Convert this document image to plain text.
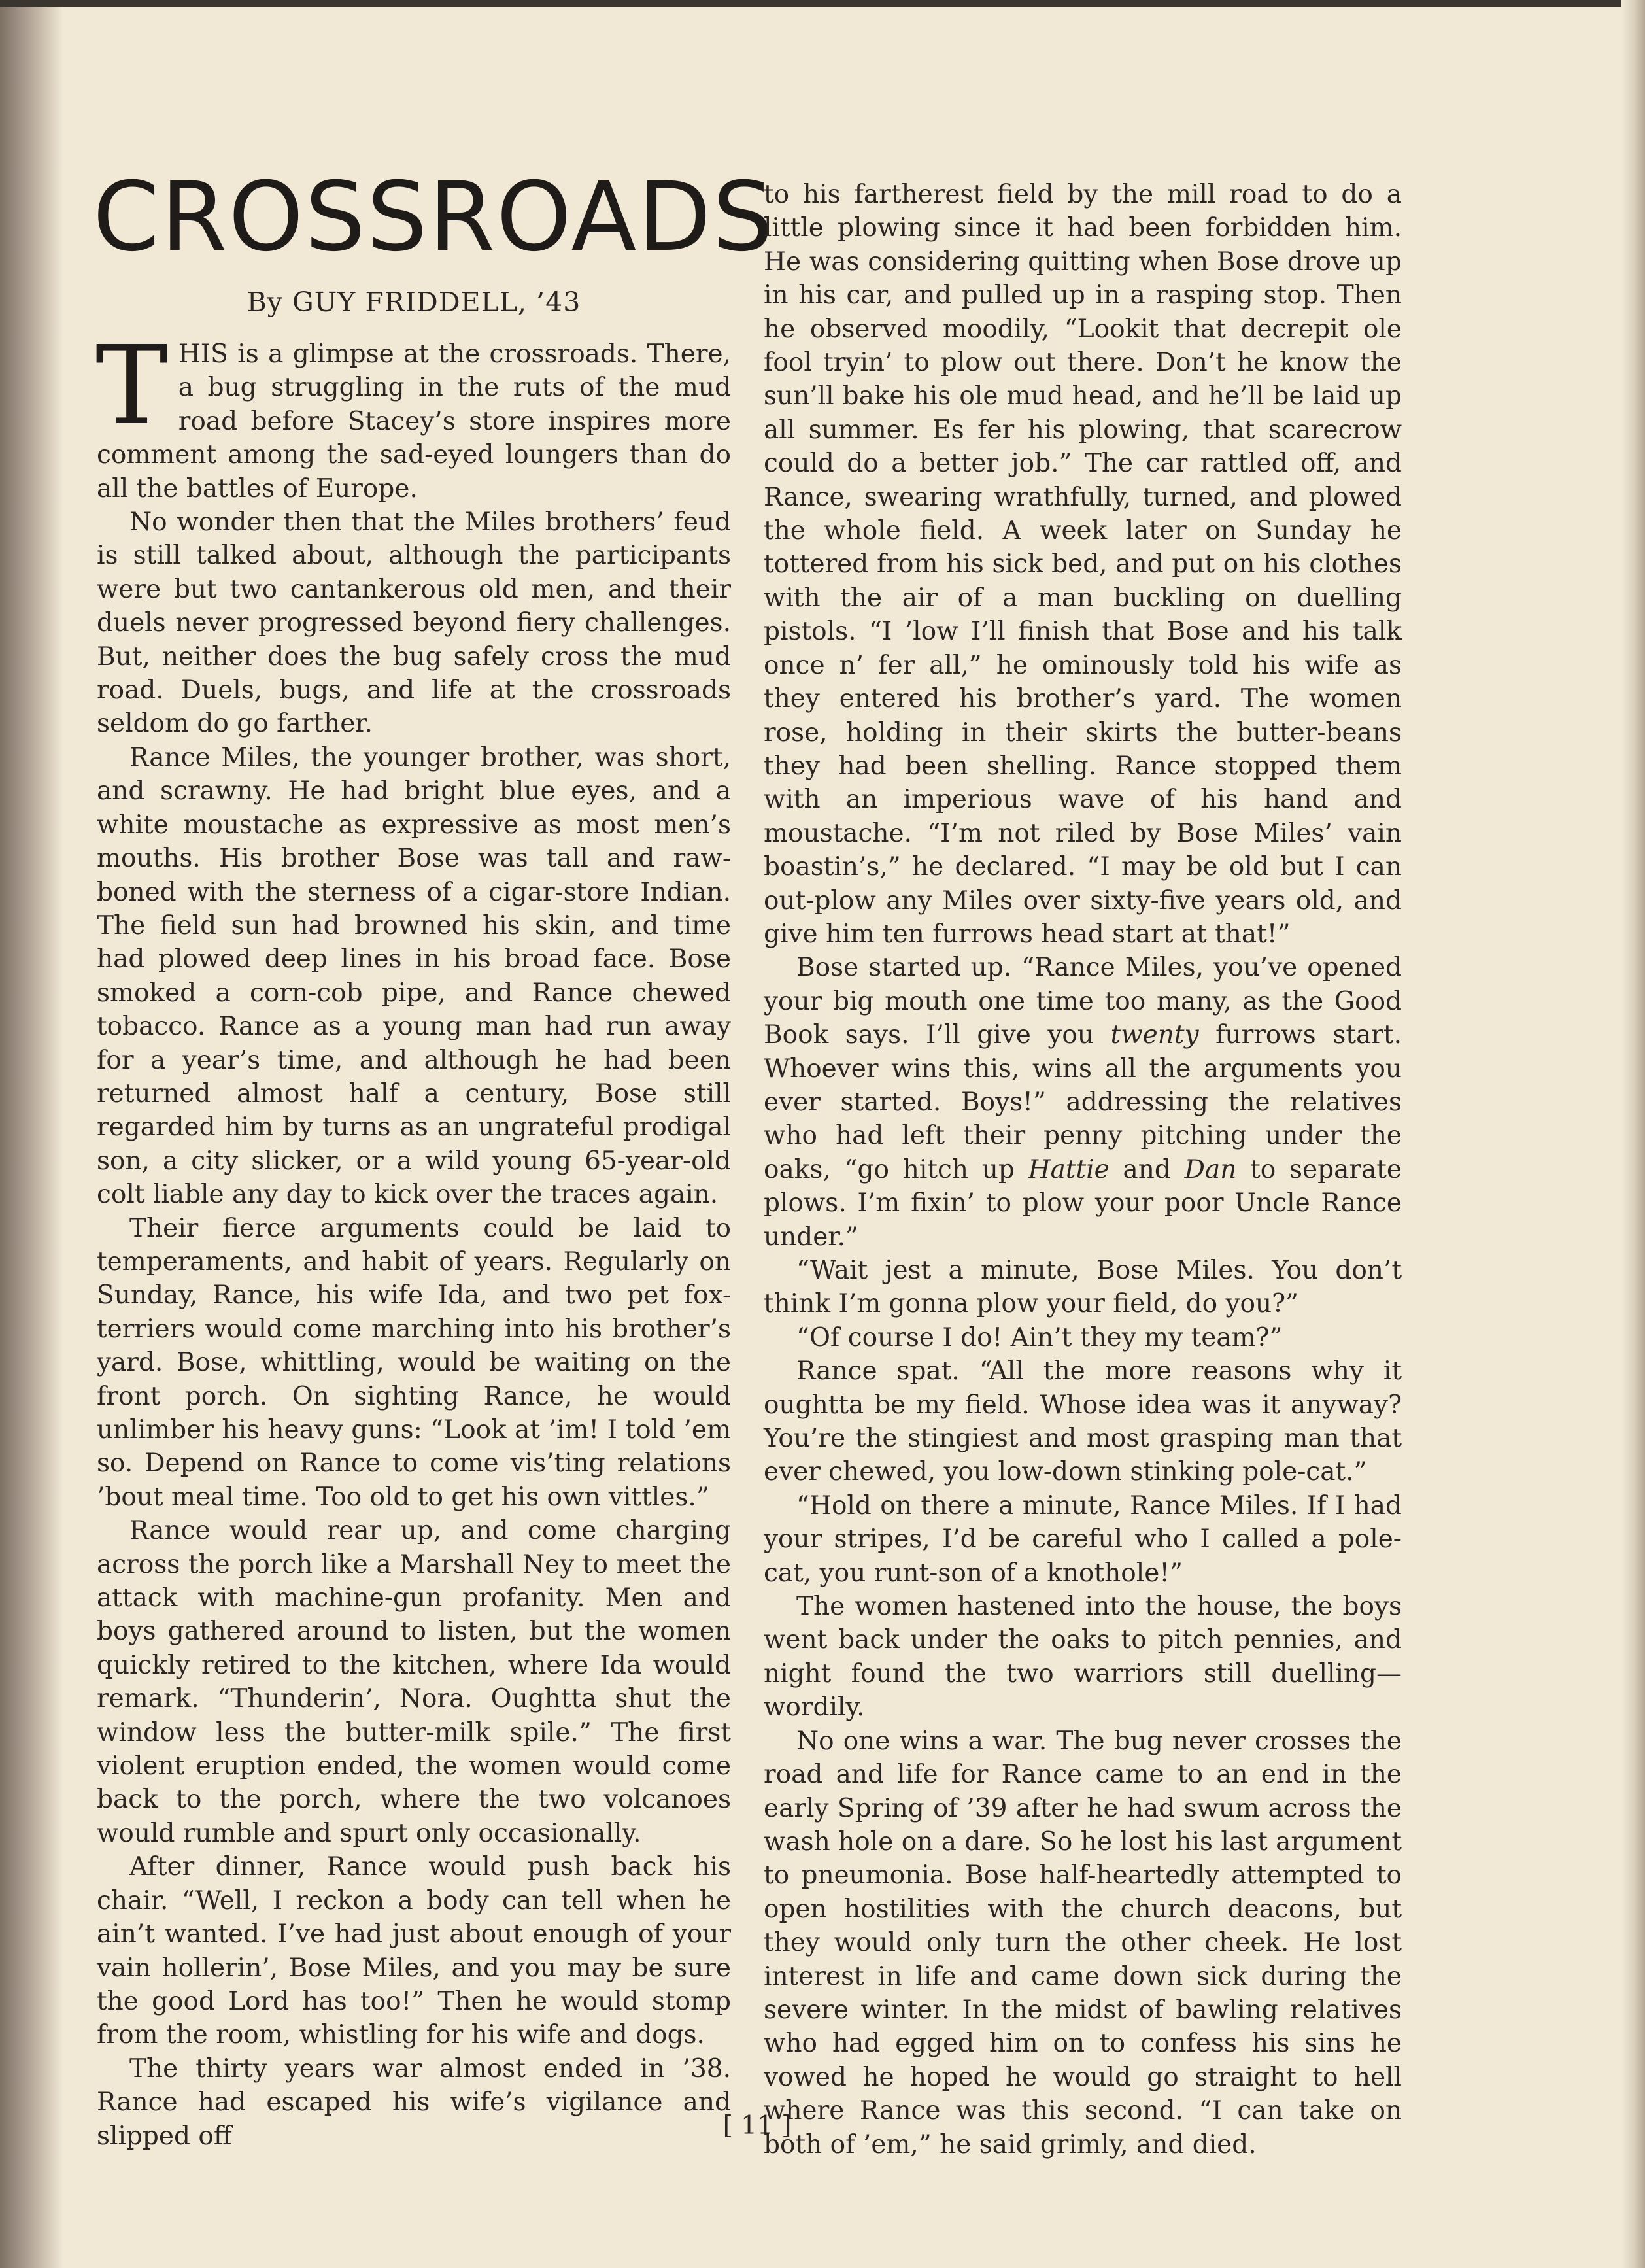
CROSSROADS
By GUY FRIDDELL, ’43

THIS is a glimpse at the crossroads. There, a bug struggling in the ruts of the mud road before Stacey’s store inspires more comment among the sad-eyed loungers than do all the battles of Europe.

No wonder then that the Miles brothers’ feud is still talked about, although the participants were but two cantankerous old men, and their duels never progressed beyond fiery challenges. But, neither does the bug safely cross the mud road. Duels, bugs, and life at the crossroads seldom do go farther.

Rance Miles, the younger brother, was short, and scrawny. He had bright blue eyes, and a white moustache as expressive as most men’s mouths. His brother Bose was tall and raw-boned with the sterness of a cigar-store Indian. The field sun had browned his skin, and time had plowed deep lines in his broad face. Bose smoked a corn-cob pipe, and Rance chewed tobacco. Rance as a young man had run away for a year’s time, and although he had been returned almost half a century, Bose still regarded him by turns as an ungrateful prodigal son, a city slicker, or a wild young 65-year-old colt liable any day to kick over the traces again.

Their fierce arguments could be laid to temperaments, and habit of years. Regularly on Sunday, Rance, his wife Ida, and two pet fox-terriers would come marching into his brother’s yard. Bose, whittling, would be waiting on the front porch. On sighting Rance, he would unlimber his heavy guns: “Look at ’im! I told ’em so. Depend on Rance to come vis’ting relations ’bout meal time. Too old to get his own vittles.”

Rance would rear up, and come charging across the porch like a Marshall Ney to meet the attack with machine-gun profanity. Men and boys gathered around to listen, but the women quickly retired to the kitchen, where Ida would remark. “Thunderin’, Nora. Oughtta shut the window less the butter-milk spile.” The first violent eruption ended, the women would come back to the porch, where the two volcanoes would rumble and spurt only occasionally.

After dinner, Rance would push back his chair. “Well, I reckon a body can tell when he ain’t wanted. I’ve had just about enough of your vain hollerin’, Bose Miles, and you may be sure the good Lord has too!” Then he would stomp from the room, whistling for his wife and dogs.

The thirty years war almost ended in ’38. Rance had escaped his wife’s vigilance and slipped off

to his fartherest field by the mill road to do a little plowing since it had been forbidden him. He was considering quitting when Bose drove up in his car, and pulled up in a rasping stop. Then he observed moodily, “Lookit that decrepit ole fool tryin’ to plow out there. Don’t he know the sun’ll bake his ole mud head, and he’ll be laid up all summer. Es fer his plowing, that scarecrow could do a better job.” The car rattled off, and Rance, swearing wrathfully, turned, and plowed the whole field. A week later on Sunday he tottered from his sick bed, and put on his clothes with the air of a man buckling on duelling pistols. “I ’low I’ll finish that Bose and his talk once n’ fer all,” he ominously told his wife as they entered his brother’s yard. The women rose, holding in their skirts the butter-beans they had been shelling. Rance stopped them with an imperious wave of his hand and moustache. “I’m not riled by Bose Miles’ vain boastin’s,” he declared. “I may be old but I can out-plow any Miles over sixty-five years old, and give him ten furrows head start at that!”

Bose started up. “Rance Miles, you’ve opened your big mouth one time too many, as the Good Book says. I’ll give you twenty furrows start. Whoever wins this, wins all the arguments you ever started. Boys!” addressing the relatives who had left their penny pitching under the oaks, “go hitch up Hattie and Dan to separate plows. I’m fixin’ to plow your poor Uncle Rance under.”

“Wait jest a minute, Bose Miles. You don’t think I’m gonna plow your field, do you?”

“Of course I do! Ain’t they my team?”

Rance spat. “All the more reasons why it oughtta be my field. Whose idea was it anyway? You’re the stingiest and most grasping man that ever chewed, you low-down stinking pole-cat.”

“Hold on there a minute, Rance Miles. If I had your stripes, I’d be careful who I called a pole-cat, you runt-son of a knothole!”

The women hastened into the house, the boys went back under the oaks to pitch pennies, and night found the two warriors still duelling—wordily.

No one wins a war. The bug never crosses the road and life for Rance came to an end in the early Spring of ’39 after he had swum across the wash hole on a dare. So he lost his last argument to pneumonia. Bose half-heartedly attempted to open hostilities with the church deacons, but they would only turn the other cheek. He lost interest in life and came down sick during the severe winter. In the midst of bawling relatives who had egged him on to confess his sins he vowed he hoped he would go straight to hell where Rance was this second. “I can take on both of ’em,” he said grimly, and died.

[ 11 ]
